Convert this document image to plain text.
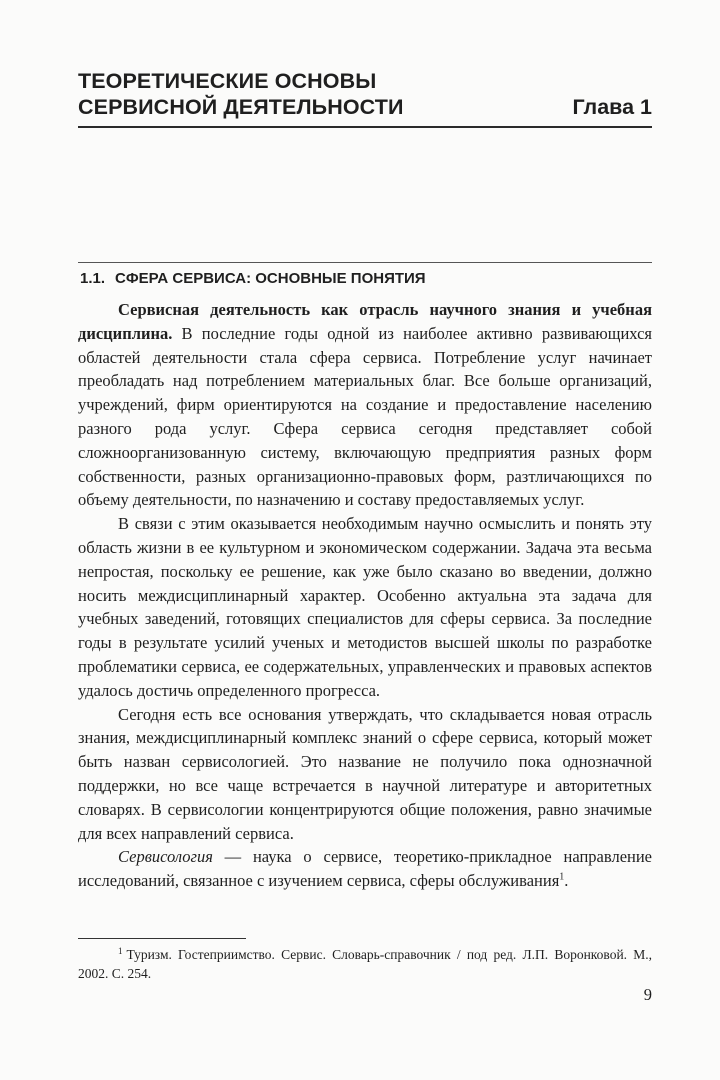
ТЕОРЕТИЧЕСКИЕ ОСНОВЫ
СЕРВИСНОЙ ДЕЯТЕЛЬНОСТИ	Глава 1
1.1. СФЕРА СЕРВИСА: ОСНОВНЫЕ ПОНЯТИЯ

Сервисная деятельность как отрасль научного знания и учебная дисциплина. В последние годы одной из наиболее активно развивающихся областей деятельности стала сфера сервиса. Потребление услуг начинает преобладать над потреблением материальных благ. Все больше организаций, учреждений, фирм ориентируются на создание и предоставление населению разного рода услуг. Сфера сервиса сегодня представляет собой сложноорганизованную систему, включающую предприятия разных форм собственности, разных организационно-правовых форм, разтличающихся по объему деятельности, по назначению и составу предоставляемых услуг.

В связи с этим оказывается необходимым научно осмыслить и понять эту область жизни в ее культурном и экономическом содержании. Задача эта весьма непростая, поскольку ее решение, как уже было сказано во введении, должно носить междисциплинарный характер. Особенно актуальна эта задача для учебных заведений, готовящих специалистов для сферы сервиса. За последние годы в результате усилий ученых и методистов высшей школы по разработке проблематики сервиса, ее содержательных, управленческих и правовых аспектов удалось достичь определенного прогресса.

Сегодня есть все основания утверждать, что складывается новая отрасль знания, междисциплинарный комплекс знаний о сфере сервиса, который может быть назван сервисологией. Это название не получило пока однозначной поддержки, но все чаще встречается в научной литературе и авторитетных словарях. В сервисологии концентрируются общие положения, равно значимые для всех направлений сервиса.

Сервисология — наука о сервисе, теоретико-прикладное направление исследований, связанное с изучением сервиса, сферы обслуживания$^1$.

$^1$ Туризм. Гостеприимство. Сервис. Словарь-справочник / под ред. Л.П. Воронковой. М., 2002. С. 254.
9
